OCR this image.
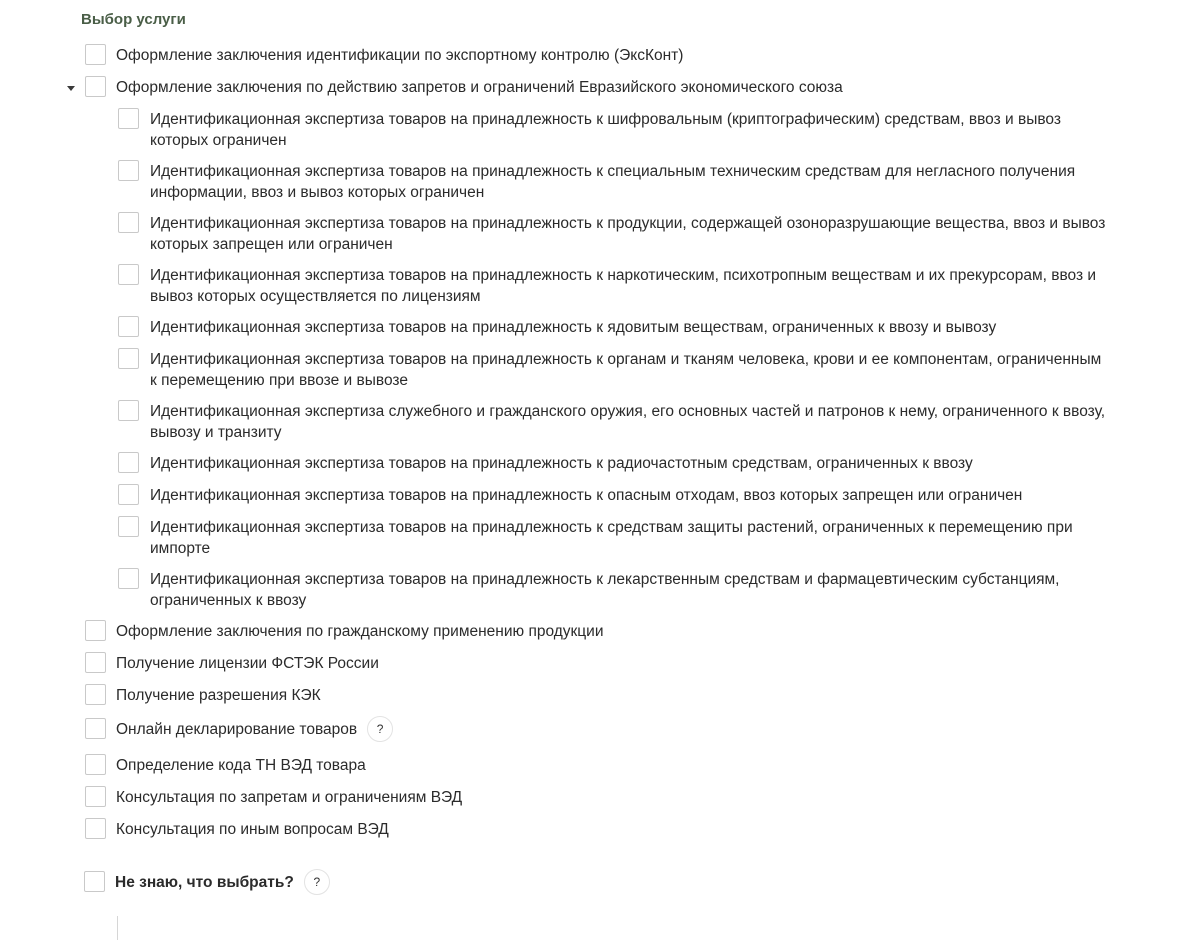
Выбор услуги
Оформление заключения идентификации по экспортному контролю (ЭксКонт)
Оформление заключения по действию запретов и ограничений Евразийского экономического союза
Идентификационная экспертиза товаров на принадлежность к шифровальным (криптографическим) средствам, ввоз и вывоз которых ограничен
Идентификационная экспертиза товаров на принадлежность к специальным техническим средствам для негласного получения информации, ввоз и вывоз которых ограничен
Идентификационная экспертиза товаров на принадлежность к продукции, содержащей озоноразрушающие вещества, ввоз и вывоз которых запрещен или ограничен
Идентификационная экспертиза товаров на принадлежность к наркотическим, психотропным веществам и их прекурсорам, ввоз и вывоз которых осуществляется по лицензиям
Идентификационная экспертиза товаров на принадлежность к ядовитым веществам, ограниченных к ввозу и вывозу
Идентификационная экспертиза товаров на принадлежность к органам и тканям человека, крови и ее компонентам, ограниченным к перемещению при ввозе и вывозе
Идентификационная экспертиза служебного и гражданского оружия, его основных частей и патронов к нему, ограниченного к ввозу, вывозу и транзиту
Идентификационная экспертиза товаров на принадлежность к радиочастотным средствам, ограниченных к ввозу
Идентификационная экспертиза товаров на принадлежность к опасным отходам, ввоз которых запрещен или ограничен
Идентификационная экспертиза товаров на принадлежность к средствам защиты растений, ограниченных к перемещению при импорте
Идентификационная экспертиза товаров на принадлежность к лекарственным средствам и фармацевтическим субстанциям, ограниченных к ввозу
Оформление заключения по гражданскому применению продукции
Получение лицензии ФСТЭК России
Получение разрешения КЭК
Онлайн декларирование товаров	?
Определение кода ТН ВЭД товара
Консультация по запретам и ограничениям ВЭД
Консультация по иным вопросам ВЭД
Не знаю, что выбрать?	?
